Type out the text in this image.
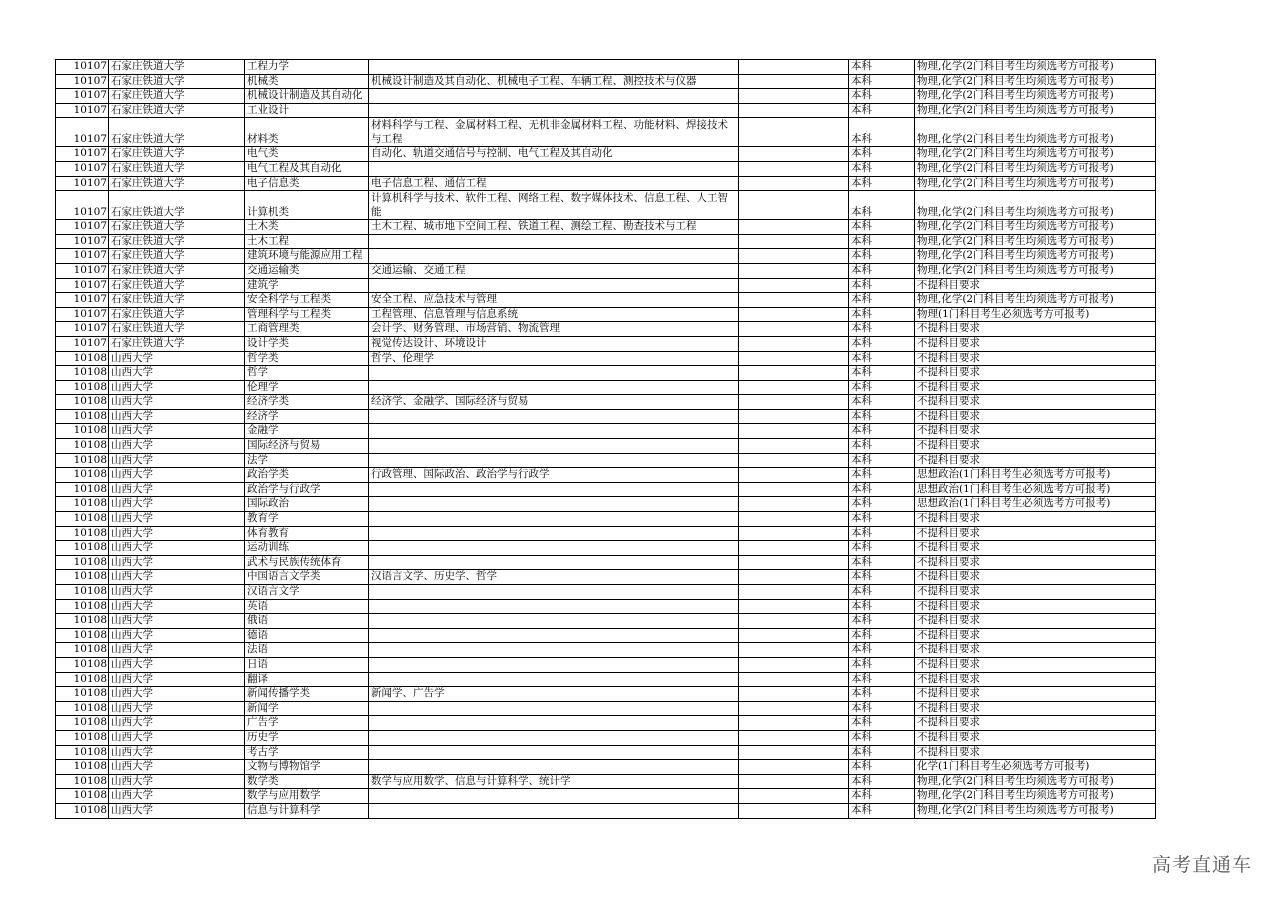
10107	石家庄铁道大学	工程力学			本科	物理,化学(2门科目考生均须选考方可报考)
10107	石家庄铁道大学	机械类	机械设计制造及其自动化、机械电子工程、车辆工程、测控技术与仪器		本科	物理,化学(2门科目考生均须选考方可报考)
10107	石家庄铁道大学	机械设计制造及其自动化			本科	物理,化学(2门科目考生均须选考方可报考)
10107	石家庄铁道大学	工业设计			本科	物理,化学(2门科目考生均须选考方可报考)
10107	石家庄铁道大学	材料类	材料科学与工程、金属材料工程、无机非金属材料工程、功能材料、焊接技术与工程		本科	物理,化学(2门科目考生均须选考方可报考)
10107	石家庄铁道大学	电气类	自动化、轨道交通信号与控制、电气工程及其自动化		本科	物理,化学(2门科目考生均须选考方可报考)
10107	石家庄铁道大学	电气工程及其自动化			本科	物理,化学(2门科目考生均须选考方可报考)
10107	石家庄铁道大学	电子信息类	电子信息工程、通信工程		本科	物理,化学(2门科目考生均须选考方可报考)
10107	石家庄铁道大学	计算机类	计算机科学与技术、软件工程、网络工程、数字媒体技术、信息工程、人工智能		本科	物理,化学(2门科目考生均须选考方可报考)
10107	石家庄铁道大学	土木类	土木工程、城市地下空间工程、铁道工程、测绘工程、勘查技术与工程		本科	物理,化学(2门科目考生均须选考方可报考)
10107	石家庄铁道大学	土木工程			本科	物理,化学(2门科目考生均须选考方可报考)
10107	石家庄铁道大学	建筑环境与能源应用工程			本科	物理,化学(2门科目考生均须选考方可报考)
10107	石家庄铁道大学	交通运输类	交通运输、交通工程		本科	物理,化学(2门科目考生均须选考方可报考)
10107	石家庄铁道大学	建筑学			本科	不提科目要求
10107	石家庄铁道大学	安全科学与工程类	安全工程、应急技术与管理		本科	物理,化学(2门科目考生均须选考方可报考)
10107	石家庄铁道大学	管理科学与工程类	工程管理、信息管理与信息系统		本科	物理(1门科目考生必须选考方可报考)
10107	石家庄铁道大学	工商管理类	会计学、财务管理、市场营销、物流管理		本科	不提科目要求
10107	石家庄铁道大学	设计学类	视觉传达设计、环境设计		本科	不提科目要求
10108	山西大学	哲学类	哲学、伦理学		本科	不提科目要求
10108	山西大学	哲学			本科	不提科目要求
10108	山西大学	伦理学			本科	不提科目要求
10108	山西大学	经济学类	经济学、金融学、国际经济与贸易		本科	不提科目要求
10108	山西大学	经济学			本科	不提科目要求
10108	山西大学	金融学			本科	不提科目要求
10108	山西大学	国际经济与贸易			本科	不提科目要求
10108	山西大学	法学			本科	不提科目要求
10108	山西大学	政治学类	行政管理、国际政治、政治学与行政学		本科	思想政治(1门科目考生必须选考方可报考)
10108	山西大学	政治学与行政学			本科	思想政治(1门科目考生必须选考方可报考)
10108	山西大学	国际政治			本科	思想政治(1门科目考生必须选考方可报考)
10108	山西大学	教育学			本科	不提科目要求
10108	山西大学	体育教育			本科	不提科目要求
10108	山西大学	运动训练			本科	不提科目要求
10108	山西大学	武术与民族传统体育			本科	不提科目要求
10108	山西大学	中国语言文学类	汉语言文学、历史学、哲学		本科	不提科目要求
10108	山西大学	汉语言文学			本科	不提科目要求
10108	山西大学	英语			本科	不提科目要求
10108	山西大学	俄语			本科	不提科目要求
10108	山西大学	德语			本科	不提科目要求
10108	山西大学	法语			本科	不提科目要求
10108	山西大学	日语			本科	不提科目要求
10108	山西大学	翻译			本科	不提科目要求
10108	山西大学	新闻传播学类	新闻学、广告学		本科	不提科目要求
10108	山西大学	新闻学			本科	不提科目要求
10108	山西大学	广告学			本科	不提科目要求
10108	山西大学	历史学			本科	不提科目要求
10108	山西大学	考古学			本科	不提科目要求
10108	山西大学	文物与博物馆学			本科	化学(1门科目考生必须选考方可报考)
10108	山西大学	数学类	数学与应用数学、信息与计算科学、统计学		本科	物理,化学(2门科目考生均须选考方可报考)
10108	山西大学	数学与应用数学			本科	物理,化学(2门科目考生均须选考方可报考)
10108	山西大学	信息与计算科学			本科	物理,化学(2门科目考生均须选考方可报考)
高考直通车
